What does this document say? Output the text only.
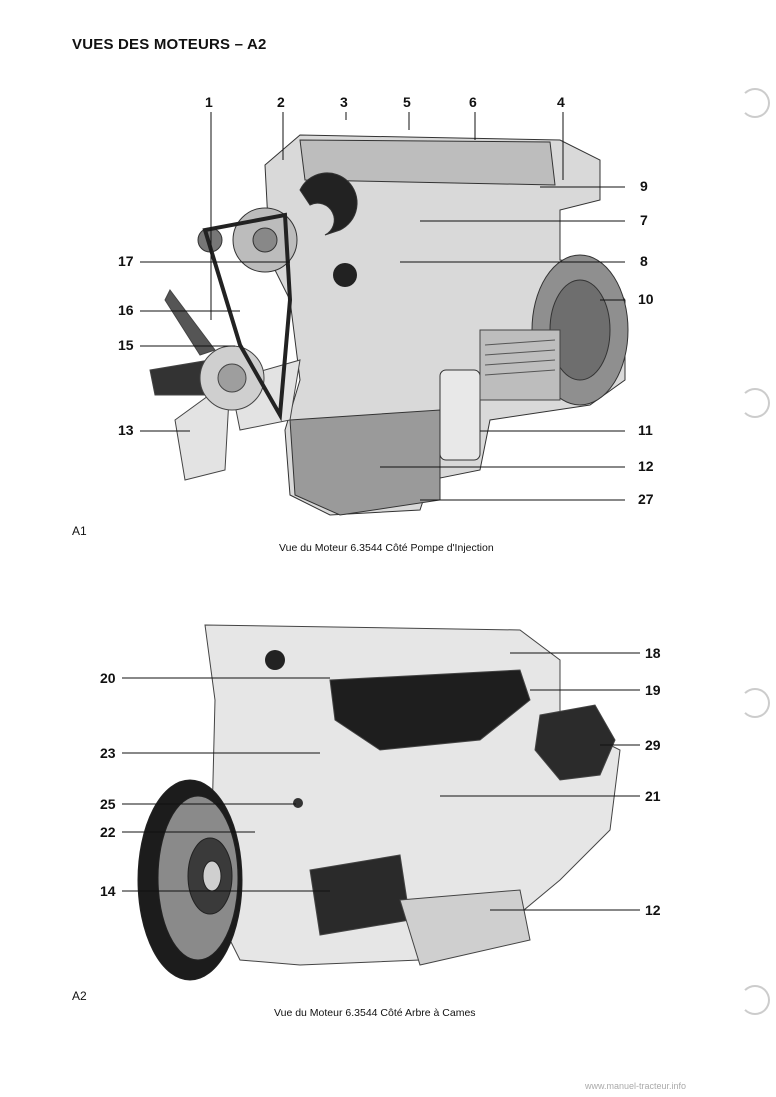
VUES DES MOTEURS – A2
1	2	3	5	6	4
9
7
17	8
10
16
15
13	11
12
27
A1
Vue du Moteur 6.3544 Côté Pompe d'Injection
18
20
19
23	29
25	21
22
14
12
A2
Vue du Moteur 6.3544 Côté Arbre à Cames
www.manuel-tracteur.info
